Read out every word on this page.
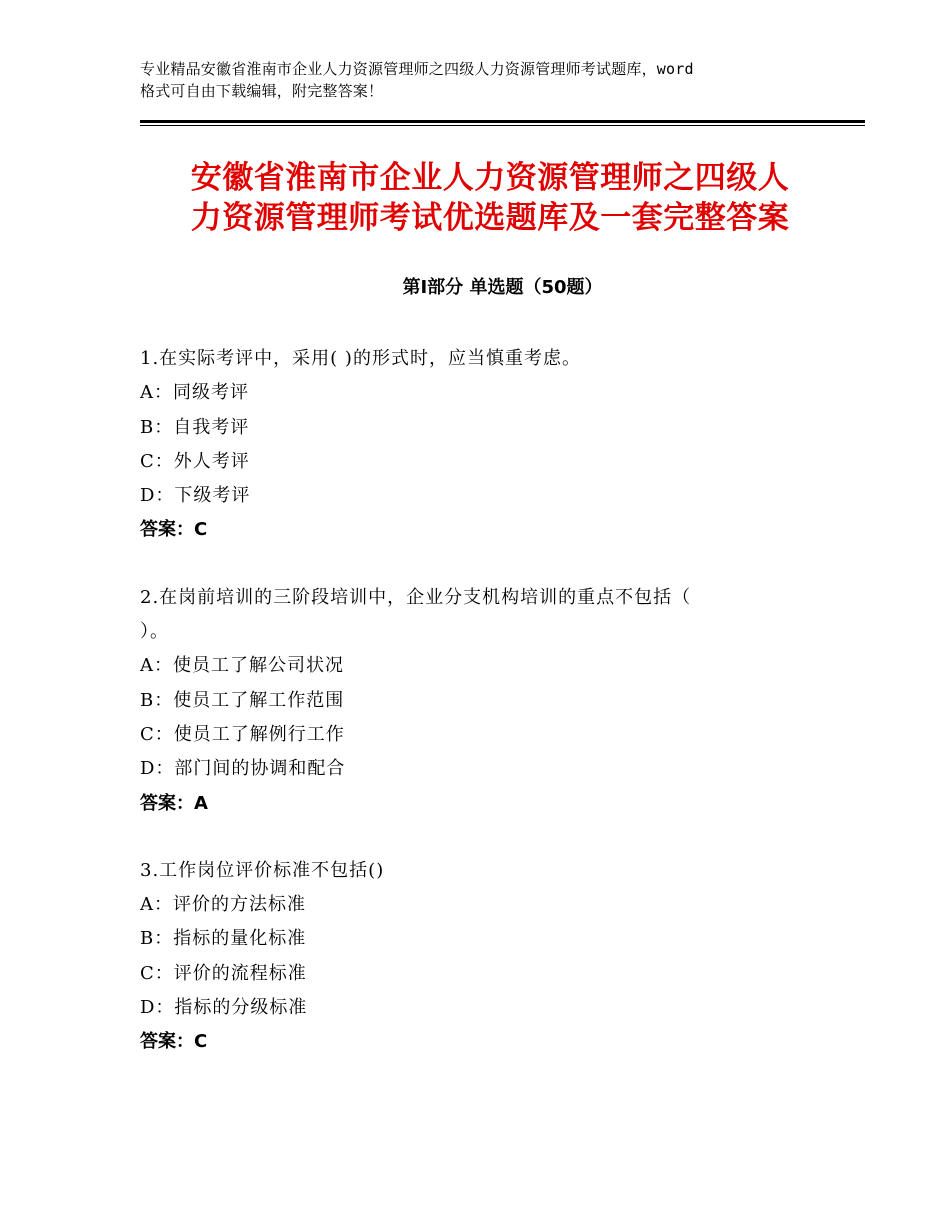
专业精品安徽省淮南市企业人力资源管理师之四级人力资源管理师考试题库，word
格式可自由下载编辑，附完整答案！
安徽省淮南市企业人力资源管理师之四级人
力资源管理师考试优选题库及一套完整答案
第Ⅰ部分 单选题（50题）
1.在实际考评中，采用( )的形式时，应当慎重考虑。
A：同级考评
B：自我考评
C：外人考评
D：下级考评
答案：C
2.在岗前培训的三阶段培训中，企业分支机构培训的重点不包括（
）。
A：使员工了解公司状况
B：使员工了解工作范围
C：使员工了解例行工作
D：部门间的协调和配合
答案：A
3.工作岗位评价标准不包括()
A：评价的方法标准
B：指标的量化标准
C：评价的流程标准
D：指标的分级标准
答案：C
